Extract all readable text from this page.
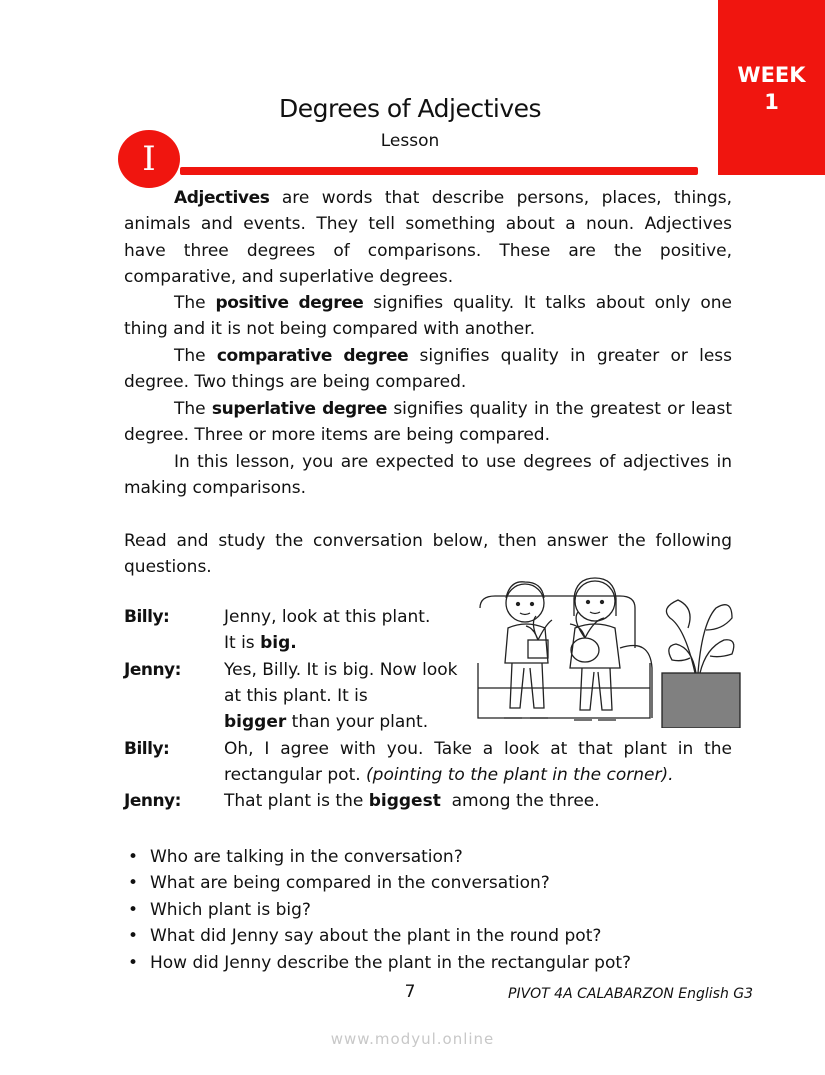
WEEK
1
Degrees of Adjectives
Lesson
I

Adjectives are words that describe persons, places, things, animals and events. They tell something about a noun. Adjectives have three degrees of comparisons. These are the positive, comparative, and superlative degrees.

The positive degree signifies quality. It talks about only one thing and it is not being compared with another.

The comparative degree signifies quality in greater or less degree. Two things are being compared.

The superlative degree signifies quality in the greatest or least degree. Three or more items are being compared.

In this lesson, you are expected to use degrees of adjectives in making comparisons.

Read and study the conversation below, then answer the following questions.

Billy:	Jenny, look at this plant.
It is big.
Jenny:	Yes, Billy. It is big. Now look
at this plant. It is
bigger than your plant.
Billy:	Oh, I agree with you. Take a look at that plant in the
rectangular pot. (pointing to the plant in the corner).
Jenny:	That plant is the biggest  among the three.
• Who are talking in the conversation?
• What are being compared in the conversation?
• Which plant is big?
• What did Jenny say about the plant in the round pot?
• How did Jenny describe the plant in the rectangular pot?
7	PIVOT 4A CALABARZON English G3
www.modyul.online
